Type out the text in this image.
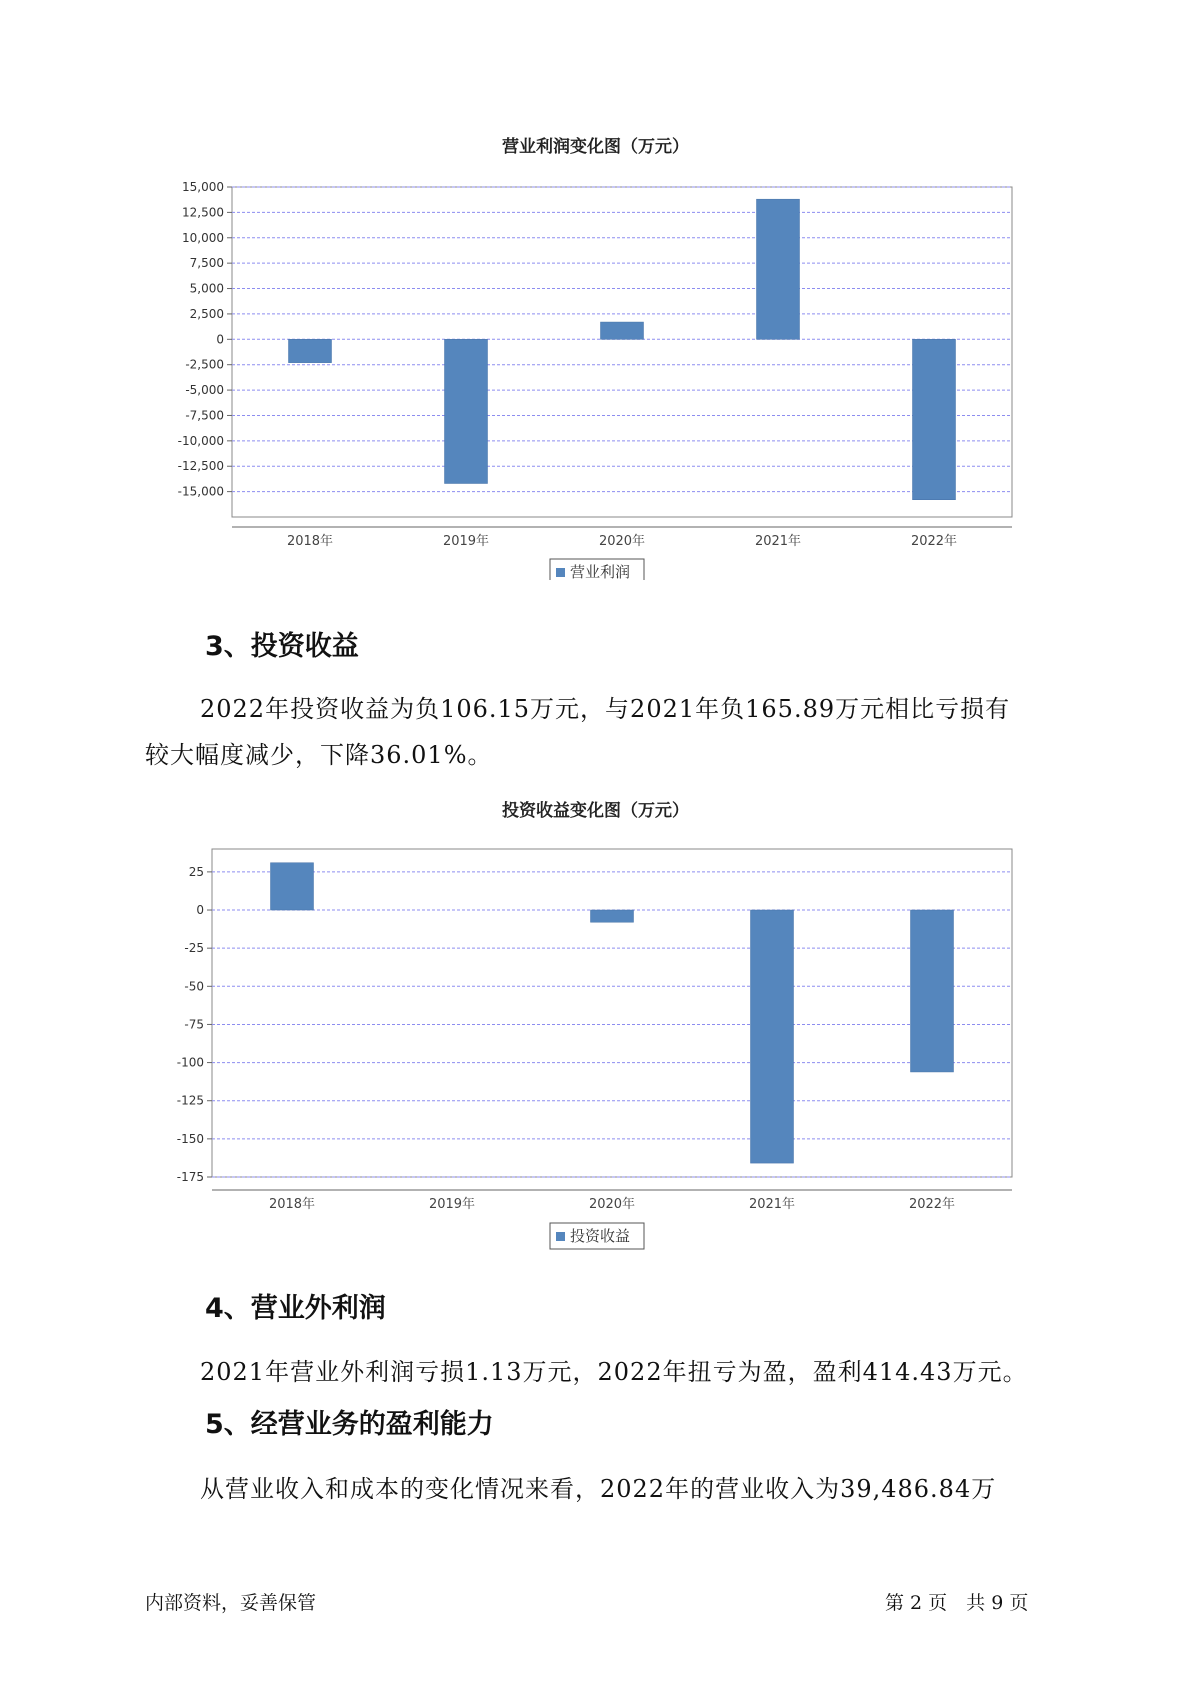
营业利润变化图（万元）
15,000
12,500
10,000
7,500
5,000
2,500
0
-2,500
-5,000
-7,500
-10,000
-12,500
-15,000
2018年	2019年	2020年	2021年	2022年
营业利润
3、投资收益
2022年投资收益为负106.15万元，与2021年负165.89万元相比亏损有
较大幅度减少，下降36.01%。
投资收益变化图（万元）
25
0
-25
-50
-75
-100
-125
-150
-175
2018年	2019年	2020年	2021年	2022年
投资收益
4、营业外利润
2021年营业外利润亏损1.13万元，2022年扭亏为盈，盈利414.43万元。
5、经营业务的盈利能力
从营业收入和成本的变化情况来看，2022年的营业收入为39,486.84万
内部资料，妥善保管	第 2 页　共 9 页
